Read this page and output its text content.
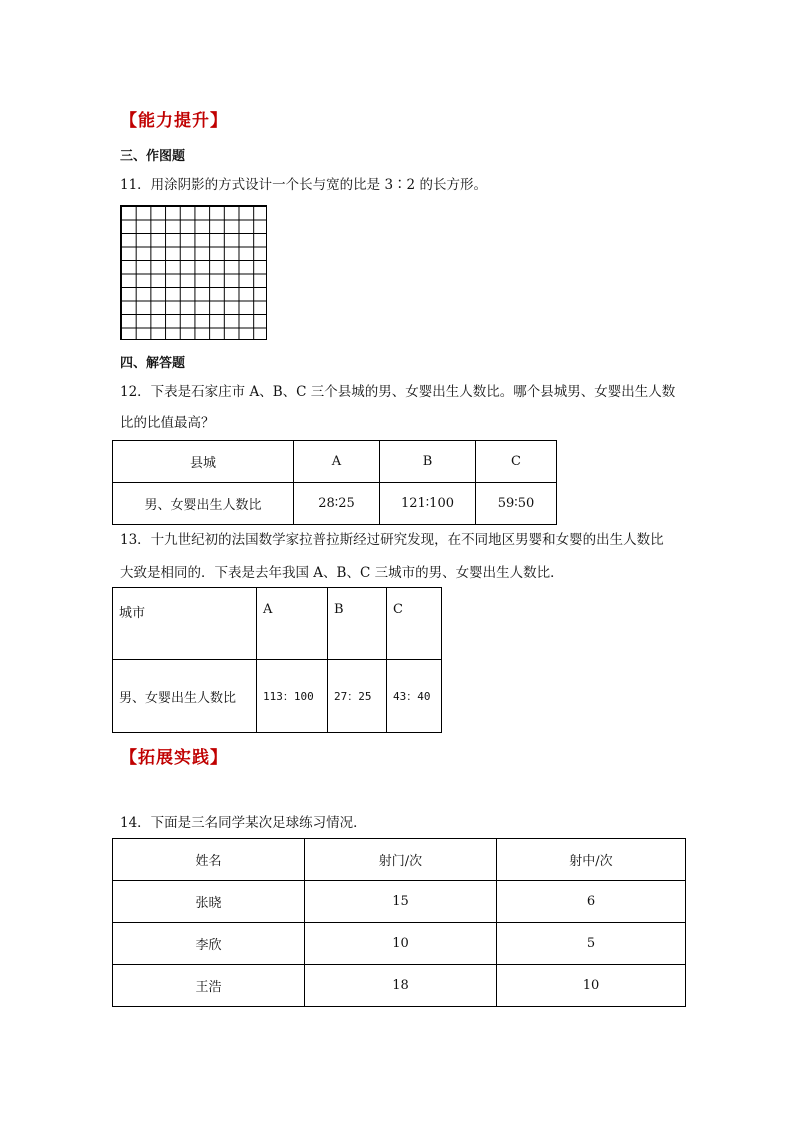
【能力提升】
三、作图题
11．用涂阴影的方式设计一个长与宽的比是 3∶2 的长方形。
四、解答题
12．下表是石家庄市 A、B、C 三个县城的男、女婴出生人数比。哪个县城男、女婴出生人数
比的比值最高？
县城	A	B	C
男、女婴出生人数比	28∶25	121∶100	59∶50
13．十九世纪初的法国数学家拉普拉斯经过研究发现，在不同地区男婴和女婴的出生人数比
大致是相同的．下表是去年我国 A、B、C 三城市的男、女婴出生人数比．
城市	A	B	C
男、女婴出生人数比	113：100	27：25	43：40
【拓展实践】
14．下面是三名同学某次足球练习情况．
姓名	射门/次	射中/次
张晓	15	6
李欣	10	5
王浩	18	10
